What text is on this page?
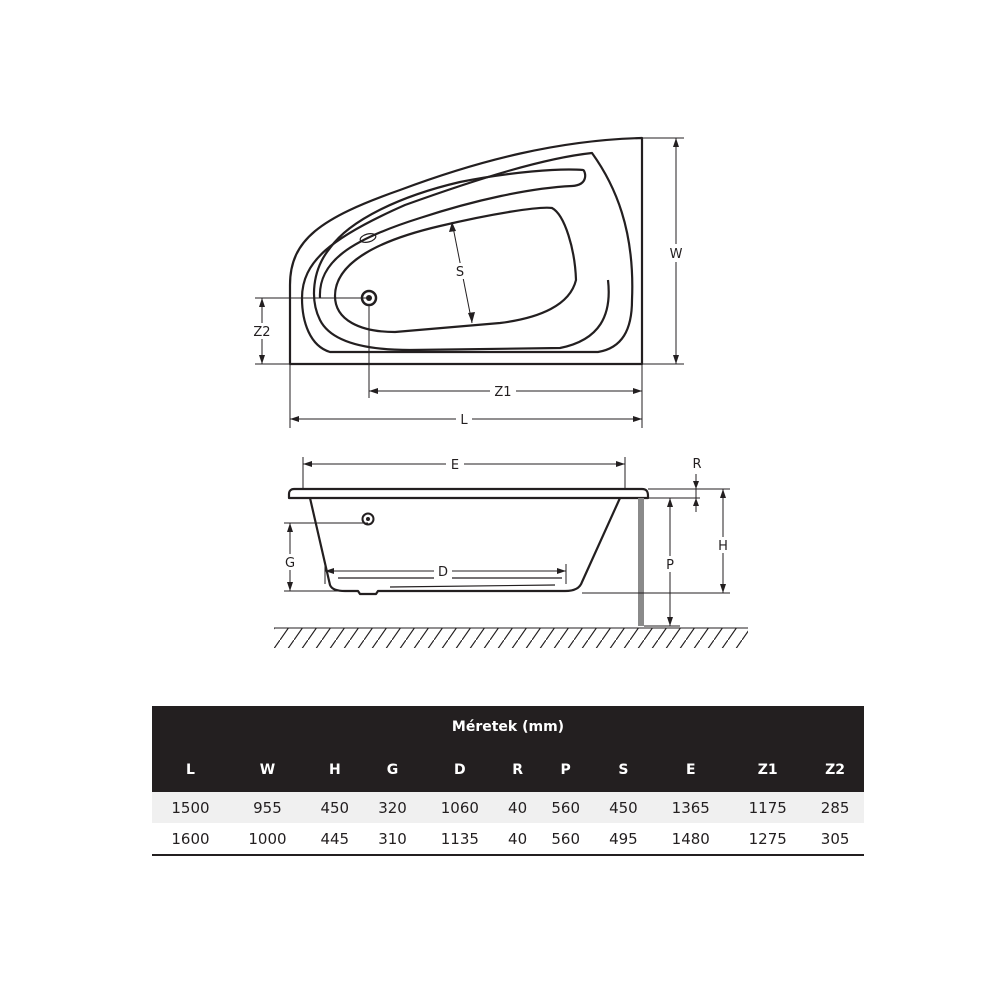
S
W
Z2
Z1
L
E	R
H
P
G
D
Méretek (mm)										
L	W	H	G	D	R	P	S	E	Z1	Z2
1500	955	450	320	1060	40	560	450	1365	1175	285
1600	1000	445	310	1135	40	560	495	1480	1275	305
